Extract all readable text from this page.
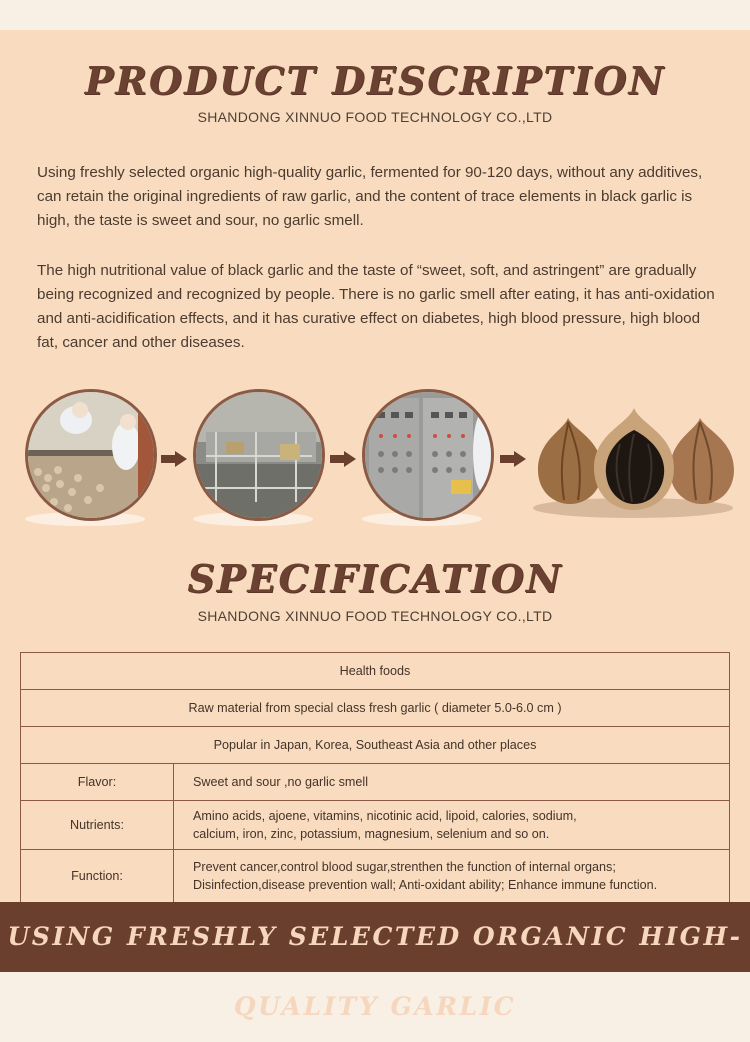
PRODUCT DESCRIPTION
SHANDONG XINNUO FOOD TECHNOLOGY CO.,LTD
Using freshly selected organic high-quality garlic, fermented for 90-120 days, without any additives, can retain the original ingredients of raw garlic, and the content of trace elements in black garlic is high, the taste is sweet and sour, no garlic smell.
The high nutritional value of black garlic and the taste of “sweet, soft, and astringent” are gradually being recognized and recognized by people. There is no garlic smell after eating, it has anti-oxidation and anti-acidification effects, and it has curative effect on diabetes, high blood pressure, high blood fat, cancer and other diseases.
SPECIFICATION
SHANDONG XINNUO FOOD TECHNOLOGY CO.,LTD
Health foods
Raw material from special class fresh garlic ( diameter 5.0-6.0 cm )
Popular in Japan, Korea, Southeast Asia and other places
Flavor:	Sweet and sour ,no garlic smell
Nutrients:
Amino acids, ajoene, vitamins, nicotinic acid, lipoid, calories, sodium,
calcium, iron, zinc, potassium, magnesium, selenium and so on.
Function:
Prevent cancer,control blood sugar,strenthen the function of internal organs;
Disinfection,disease prevention wall; Anti-oxidant ability; Enhance immune function.
USING FRESHLY SELECTED ORGANIC HIGH-QUALITY GARLIC
